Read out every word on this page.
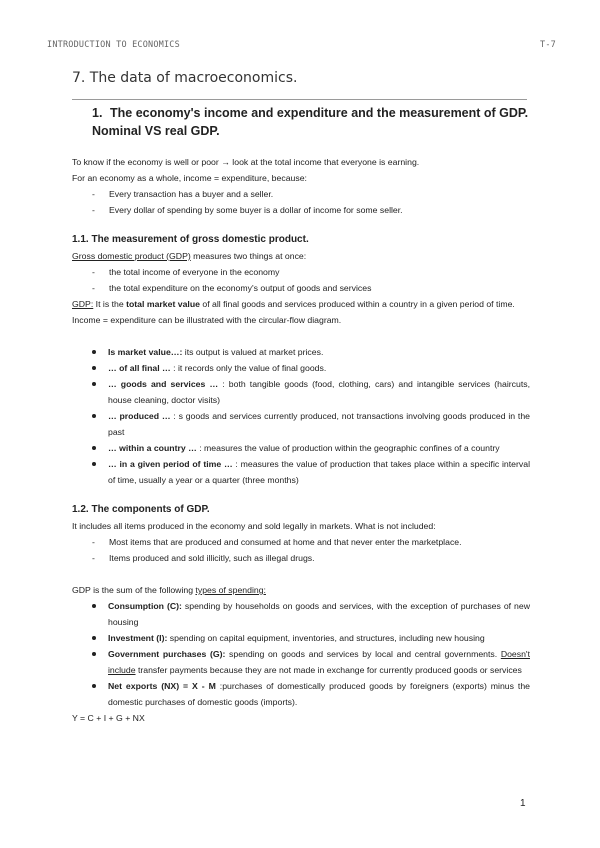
INTRODUCTION TO ECONOMICS	T-7
7. The data of macroeconomics.
1. The economy's income and expenditure and the measurement of GDP. Nominal VS real GDP.

To know if the economy is well or poor → look at the total income that everyone is earning.

For an economy as a whole, income = expenditure, because:

- Every transaction has a buyer and a seller.
- Every dollar of spending by some buyer is a dollar of income for some seller.
1.1. The measurement of gross domestic product.

Gross domestic product (GDP) measures two things at once:

- the total income of everyone in the economy
- the total expenditure on the economy's output of goods and services

GDP: It is the total market value of all final goods and services produced within a country in a given period of time.

Income = expenditure can be illustrated with the circular-flow diagram.

Is market value…: its output is valued at market prices.
… of all final … : it records only the value of final goods.
… goods and services … : both tangible goods (food, clothing, cars) and intangible services (haircuts, house cleaning, doctor visits)
… produced … : s goods and services currently produced, not transactions involving goods produced in the past
… within a country … : measures the value of production within the geographic confines of a country
… in a given period of time … : measures the value of production that takes place within a specific interval of time, usually a year or a quarter (three months)
1.2. The components of GDP.

It includes all items produced in the economy and sold legally in markets. What is not included:

- Most items that are produced and consumed at home and that never enter the marketplace.
- Items produced and sold illicitly, such as illegal drugs.

GDP is the sum of the following types of spending:

Consumption (C): spending by households on goods and services, with the exception of purchases of new housing
Investment (I): spending on capital equipment, inventories, and structures, including new housing
Government purchases (G): spending on goods and services by local and central governments. Doesn't include transfer payments because they are not made in exchange for currently produced goods or services
Net exports (NX) = X - M :purchases of domestically produced goods by foreigners (exports) minus the domestic purchases of domestic goods (imports).

Y = C + I + G + NX

1
